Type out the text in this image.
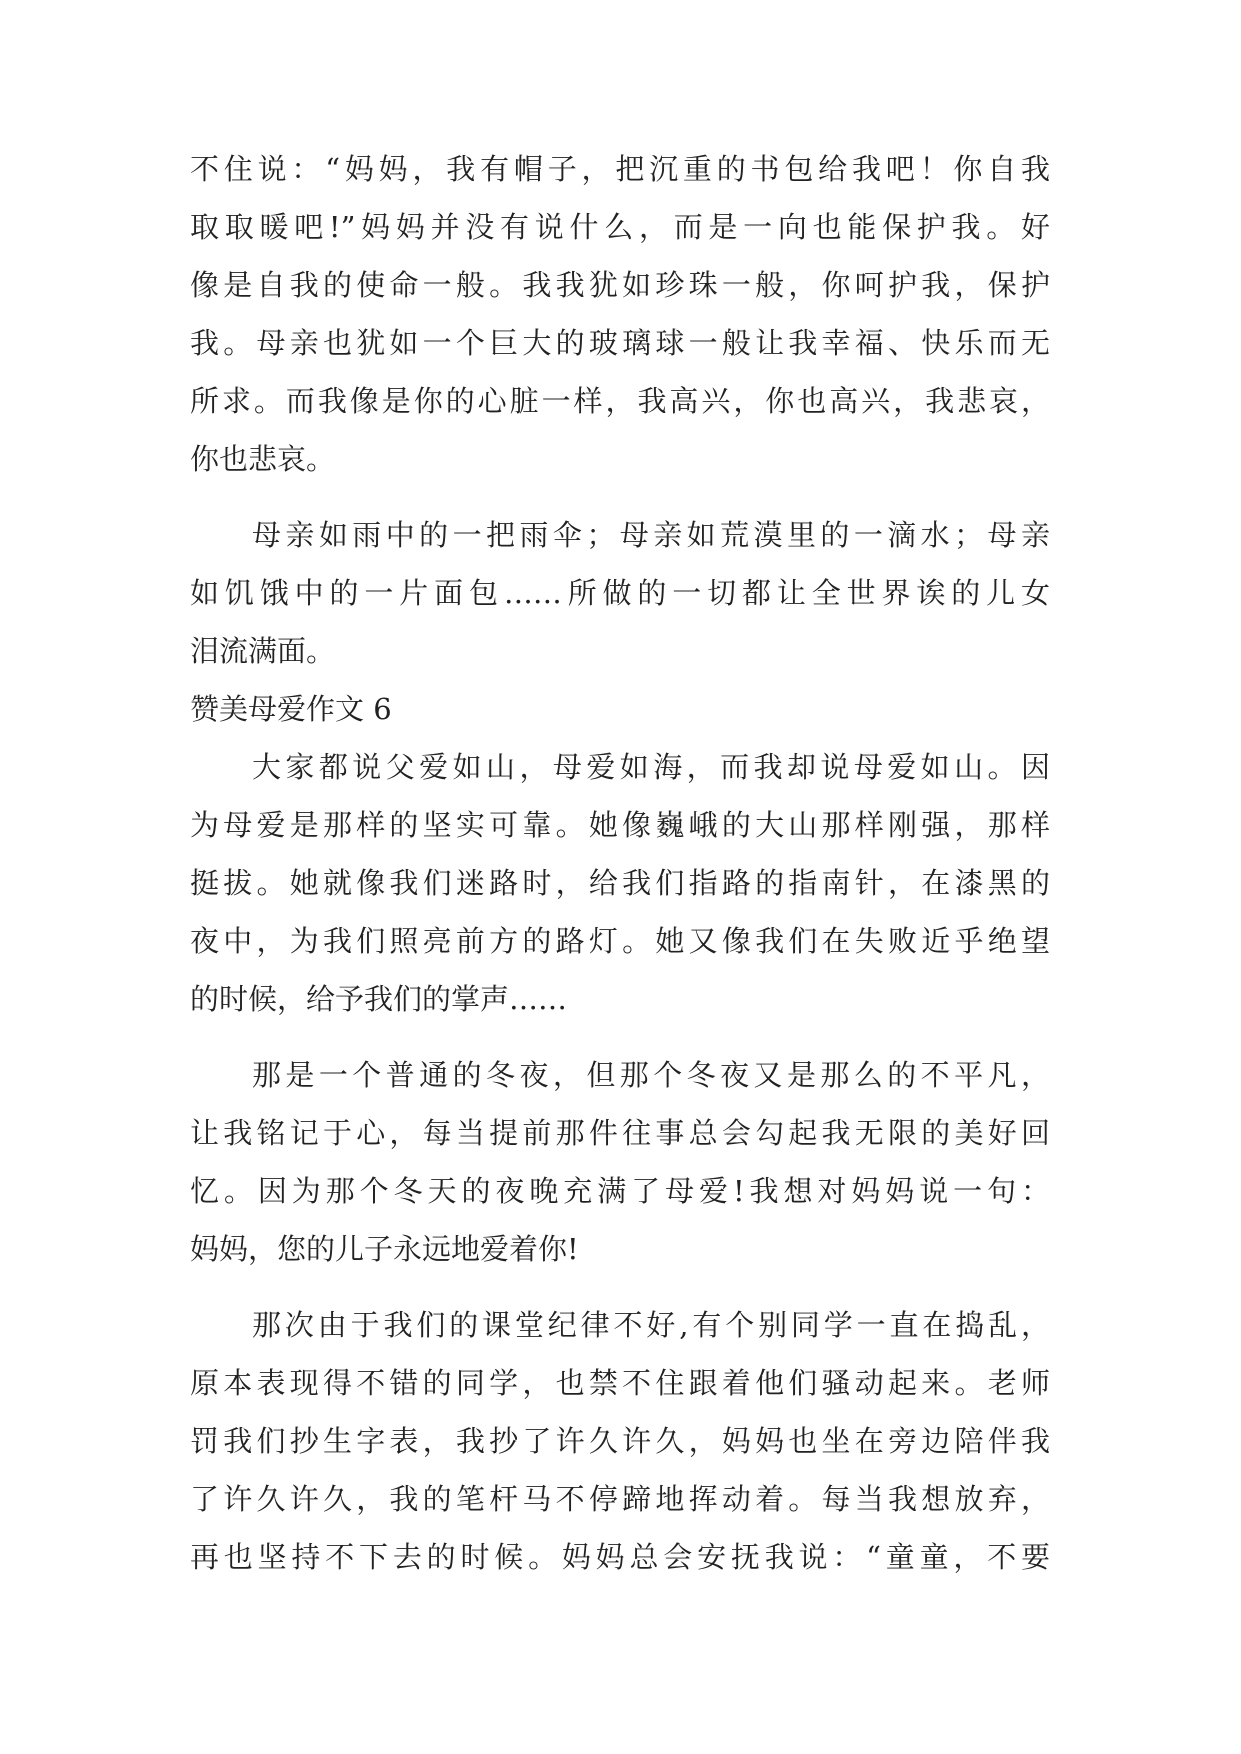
不住说：“妈妈，我有帽子，把沉重的书包给我吧！你自我
取取暖吧!”妈妈并没有说什么，而是一向也能保护我。好
像是自我的使命一般。我我犹如珍珠一般，你呵护我，保护
我。母亲也犹如一个巨大的玻璃球一般让我幸福、快乐而无
所求。而我像是你的心脏一样，我高兴，你也高兴，我悲哀，
你也悲哀。
母亲如雨中的一把雨伞；母亲如荒漠里的一滴水；母亲
如饥饿中的一片面包……所做的一切都让全世界诶的儿女
泪流满面。
赞美母爱作文 6
大家都说父爱如山，母爱如海，而我却说母爱如山。因
为母爱是那样的坚实可靠。她像巍峨的大山那样刚强，那样
挺拔。她就像我们迷路时，给我们指路的指南针，在漆黑的
夜中，为我们照亮前方的路灯。她又像我们在失败近乎绝望
的时候，给予我们的掌声……
那是一个普通的冬夜，但那个冬夜又是那么的不平凡，
让我铭记于心，每当提前那件往事总会勾起我无限的美好回
忆。因为那个冬天的夜晚充满了母爱!我想对妈妈说一句：
妈妈，您的儿子永远地爱着你!
那次由于我们的课堂纪律不好,有个别同学一直在捣乱，
原本表现得不错的同学，也禁不住跟着他们骚动起来。老师
罚我们抄生字表，我抄了许久许久，妈妈也坐在旁边陪伴我
了许久许久，我的笔杆马不停蹄地挥动着。每当我想放弃，
再也坚持不下去的时候。妈妈总会安抚我说：“童童，不要
